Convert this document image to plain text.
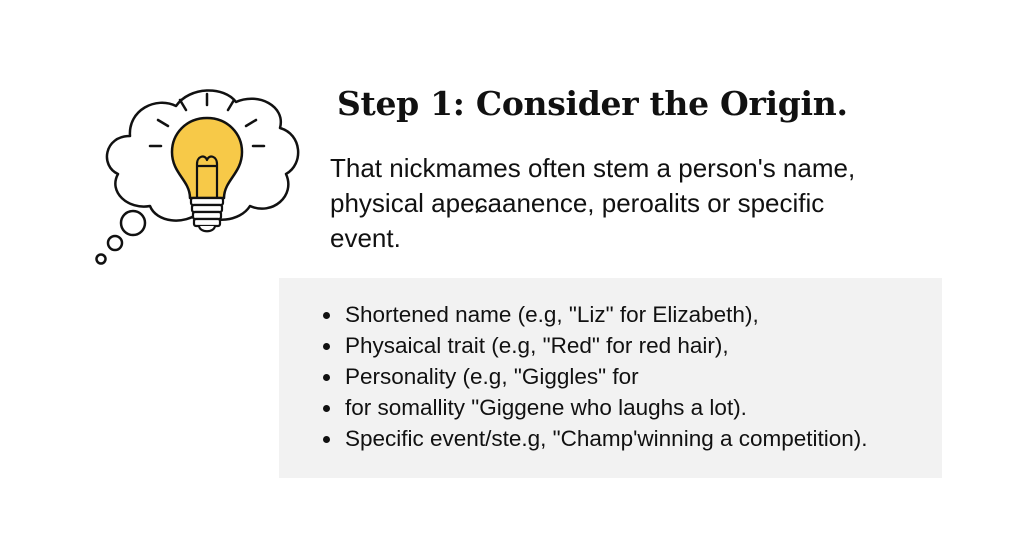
Step 1: Consider the Origin.

That nickmames often stem a person's name, physical apeɕaanence, peroalits or specific event.

Shortened name (e.g, "Liz" for Elizabeth),
Physaical trait (e.g, "Red" for red hair),
Personality (e.g, "Giggles" for
for somallity "Giggene who laughs a lot).
Specific event/ste.g, "Champ'winning a competition).
